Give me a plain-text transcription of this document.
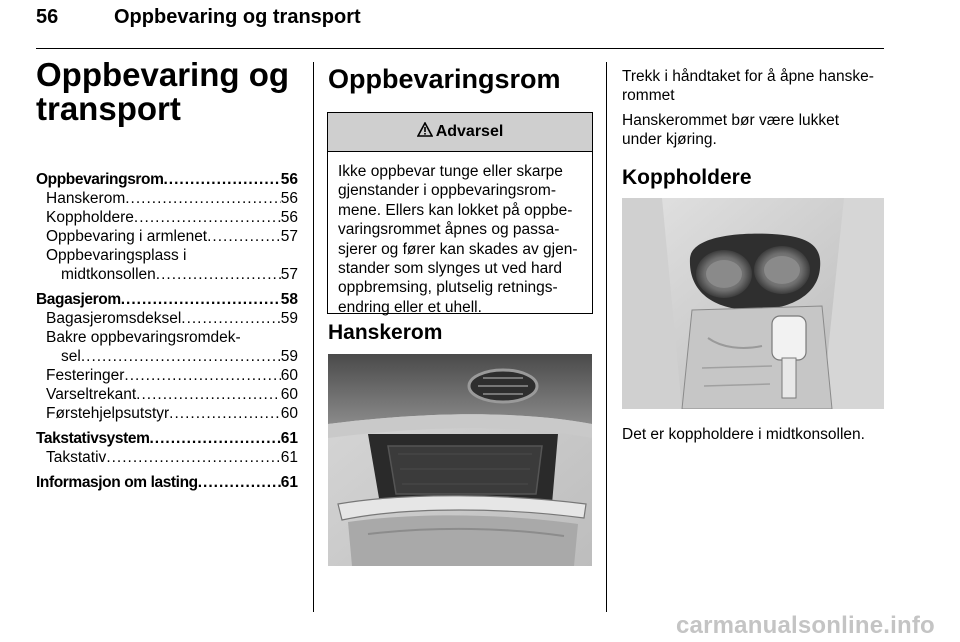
56	Oppbevaring og transport
Oppbevaring og
transport
Oppbevaringsrom .....	56
Hanskerom .....	56
Koppholdere .....	56
Oppbevaring i armlenet .....	57
Oppbevaringsplass i
midtkonsollen .....	57
Bagasjerom .....	58
Bagasjeromsdeksel .....	59
Bakre oppbevaringsromdek-
sel .....	59
Festeringer .....	60
Varseltrekant .....	60
Førstehjelpsutstyr .....	60
Takstativsystem .....	61
Takstativ .....	61
Informasjon om lasting .....	61
Oppbevaringsrom
Advarsel
Ikke oppbevar tunge eller skarpe
gjenstander i oppbevaringsrom-
mene. Ellers kan lokket på oppbe-
varingsrommet åpnes og passa-
sjerer og fører kan skades av gjen-
stander som slynges ut ved hard
oppbremsing, plutselig retnings-
endring eller et uhell.
Hanskerom
Trekk i håndtaket for å åpne hanske-
rommet
Hanskerommet bør være lukket
under kjøring.
Koppholdere
Det er koppholdere i midtkonsollen.
carmanualsonline.info
